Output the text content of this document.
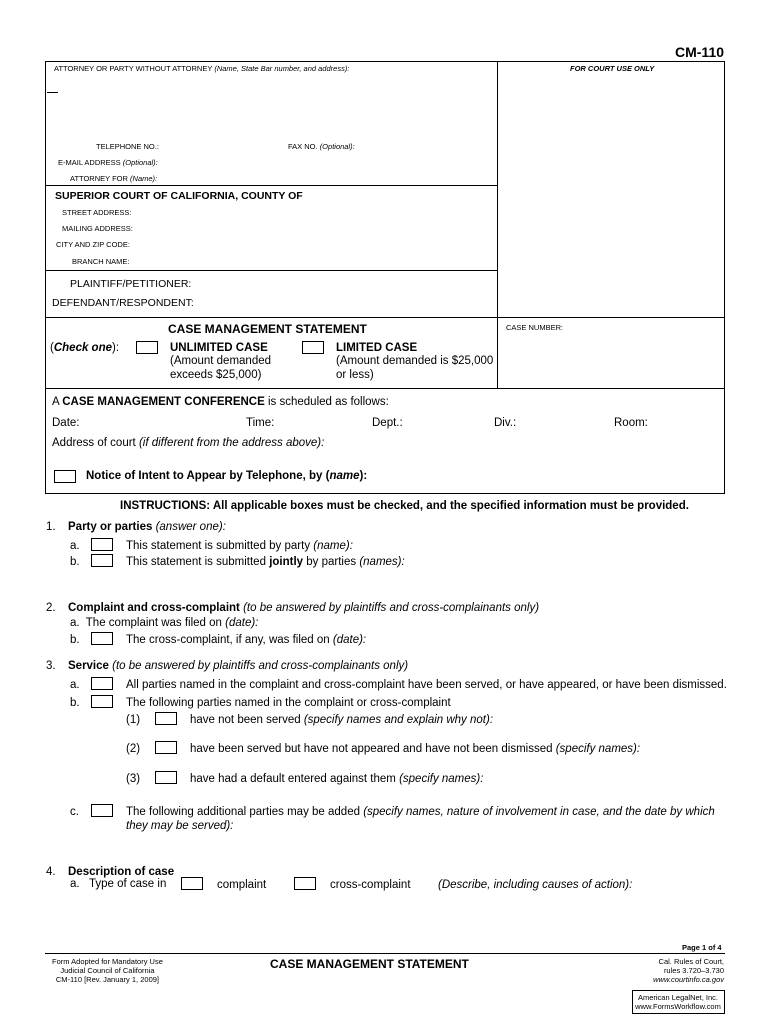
CM-110
ATTORNEY OR PARTY WITHOUT ATTORNEY (Name, State Bar number, and address):	FOR COURT USE ONLY
TELEPHONE NO.:	FAX NO. (Optional):
E-MAIL ADDRESS (Optional):
ATTORNEY FOR (Name):
SUPERIOR COURT OF CALIFORNIA, COUNTY OF
STREET ADDRESS:
MAILING ADDRESS:
CITY AND ZIP CODE:
BRANCH NAME:
PLAINTIFF/PETITIONER:
DEFENDANT/RESPONDENT:
CASE MANAGEMENT STATEMENT	CASE NUMBER:
(Check one):	UNLIMITED CASE
(Amount demanded
exceeds $25,000)
LIMITED CASE
(Amount demanded is $25,000
or less)
A CASE MANAGEMENT CONFERENCE is scheduled as follows:
Date:	Time:	Dept.:	Div.:	Room:
Address of court (if different from the address above):
Notice of Intent to Appear by Telephone, by (name):
INSTRUCTIONS: All applicable boxes must be checked, and the specified information must be provided.
1. Party or parties (answer one):
a.	This statement is submitted by party (name):
b.	This statement is submitted jointly by parties (names):
2. Complaint and cross-complaint (to be answered by plaintiffs and cross-complainants only)
a. The complaint was filed on (date):
b.	The cross-complaint, if any, was filed on (date):
3. Service (to be answered by plaintiffs and cross-complainants only)
a.	All parties named in the complaint and cross-complaint have been served, or have appeared, or have been dismissed.
b.	The following parties named in the complaint or cross-complaint
(1)	have not been served (specify names and explain why not):
(2)	have been served but have not appeared and have not been dismissed (specify names):
(3)	have had a default entered against them (specify names):
c.	The following additional parties may be added (specify names, nature of involvement in case, and the date by which
they may be served):
4. Description of case
a. Type of case in	complaint	cross-complaint (Describe, including causes of action):
Page 1 of 4
Form Adopted for Mandatory Use
Judicial Council of California
CM-110 [Rev. January 1, 2009]
CASE MANAGEMENT STATEMENT	Cal. Rules of Court,
rules 3.720–3.730
www.courtinfo.ca.gov
American LegalNet, Inc.
www.FormsWorkflow.com
